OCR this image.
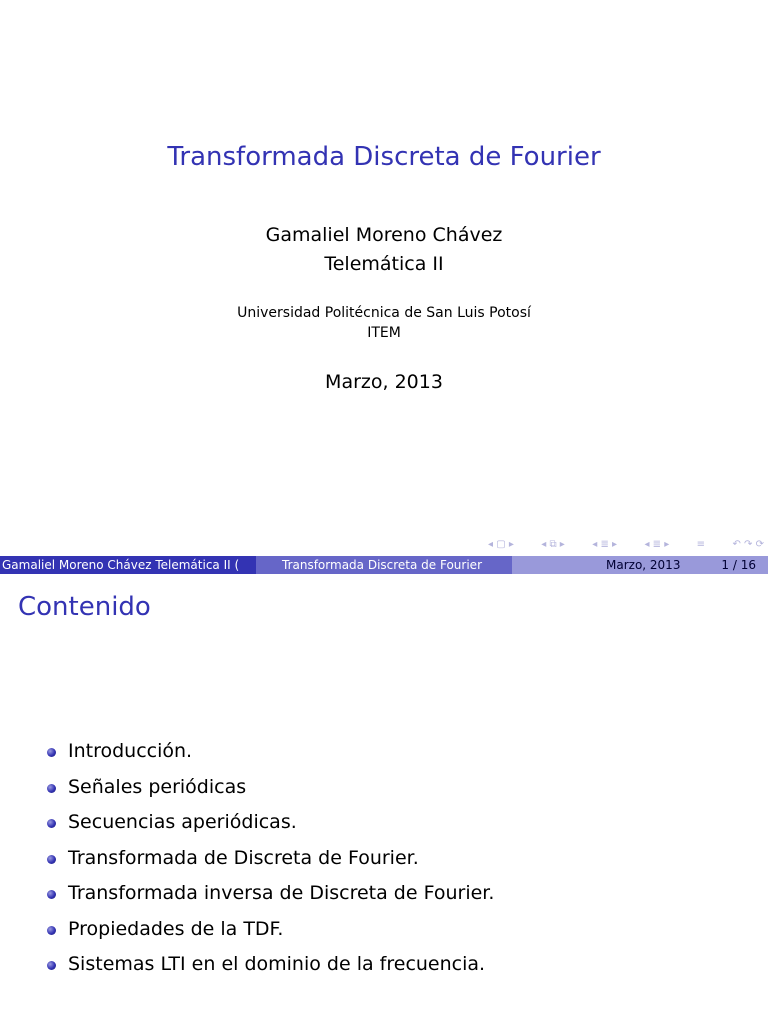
Transformada Discreta de Fourier
Gamaliel Moreno Chávez
Telemática II
Universidad Politécnica de San Luis Potosí
ITEM
Marzo, 2013
◂ ▢ ▸	◂ ⧉ ▸	◂ ≣ ▸	◂ ≣ ▸	≡	↶ ↷ ⟳
Gamaliel Moreno Chávez Telemática II (	Transformada Discreta de Fourier	Marzo, 2013	1 / 16
Contenido
Introducción.
Señales periódicas
Secuencias aperiódicas.
Transformada de Discreta de Fourier.
Transformada inversa de Discreta de Fourier.
Propiedades de la TDF.
Sistemas LTI en el dominio de la frecuencia.
